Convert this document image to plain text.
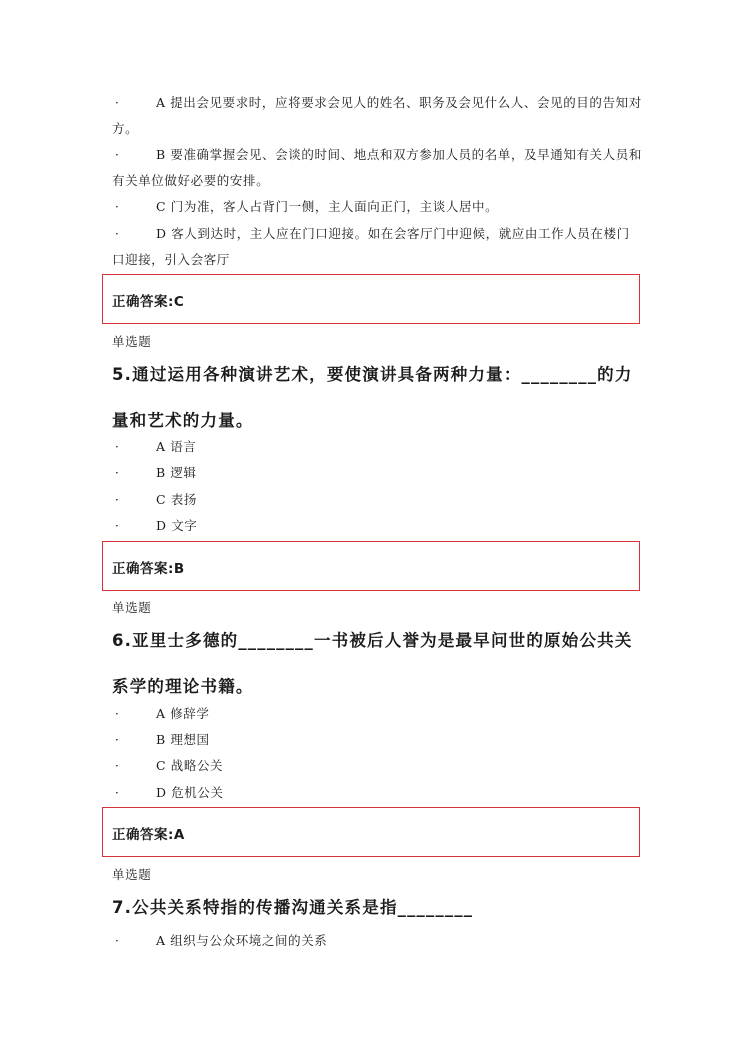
·	A 提出会见要求时，应将要求会见人的姓名、职务及会见什么人、会见的目的告知对方。
·	B 要准确掌握会见、会谈的时间、地点和双方参加人员的名单，及早通知有关人员和有关单位做好必要的安排。
·	C 门为准，客人占背门一侧，主人面向正门，主谈人居中。
·	D 客人到达时，主人应在门口迎接。如在会客厅门中迎候，就应由工作人员在楼门口迎接，引入会客厅
正确答案:C
单选题
5.通过运用各种演讲艺术，要使演讲具备两种力量：________的力量和艺术的力量。
·	A 语言
·	B 逻辑
·	C 表扬
·	D 文字
正确答案:B
单选题
6.亚里士多德的________一书被后人誉为是最早问世的原始公共关系学的理论书籍。
·	A 修辞学
·	B 理想国
·	C 战略公关
·	D 危机公关
正确答案:A
单选题
7.公共关系特指的传播沟通关系是指________
·	A 组织与公众环境之间的关系
